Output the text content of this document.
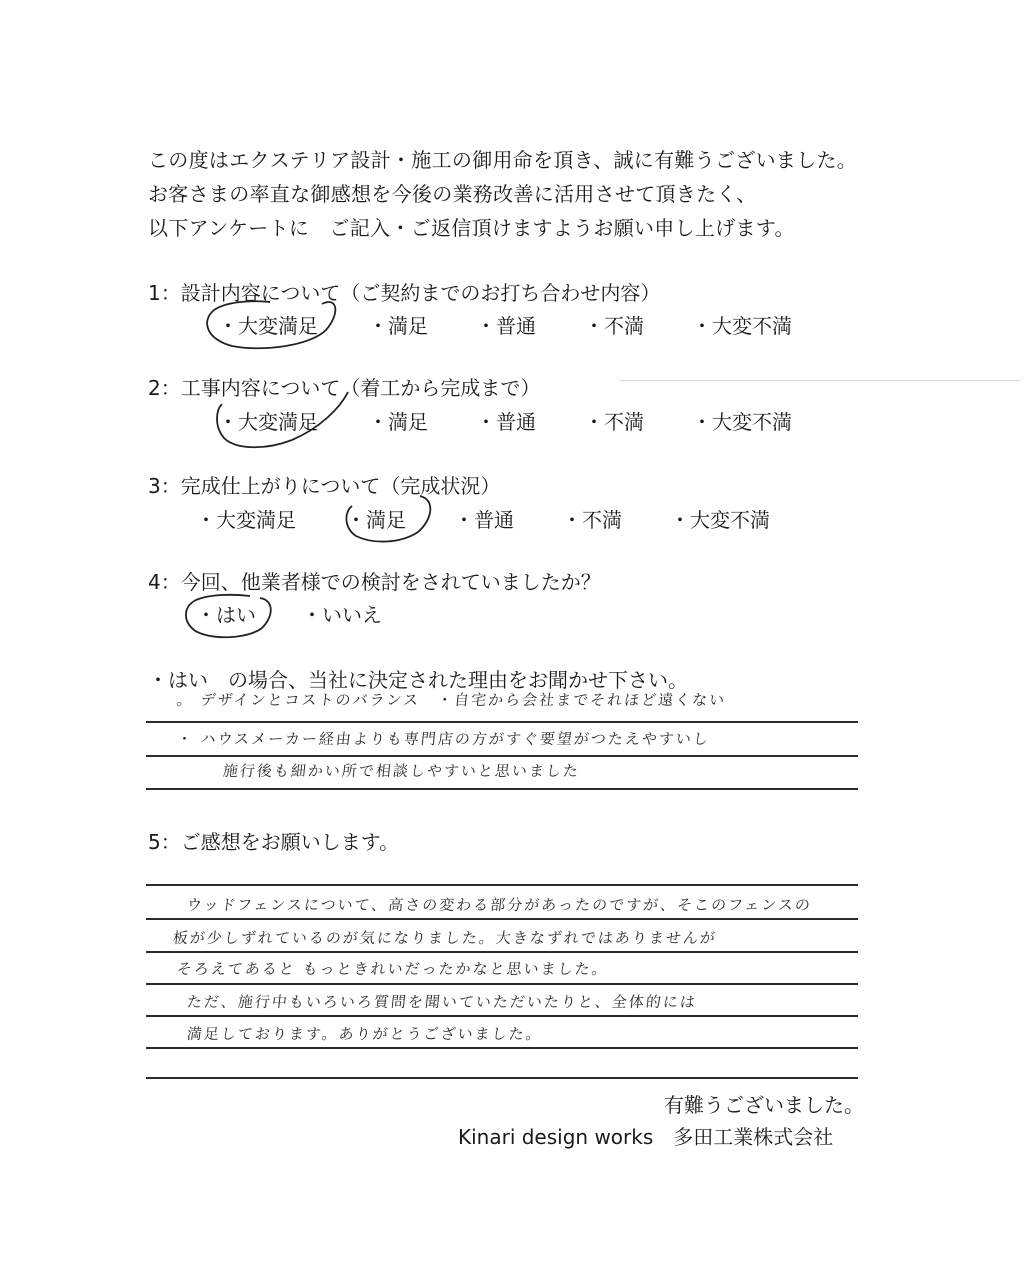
この度はエクステリア設計・施工の御用命を頂き、誠に有難うございました。
お客さまの率直な御感想を今後の業務改善に活用させて頂きたく、
以下アンケートに　ご記入・ご返信頂けますようお願い申し上げます。
1：設計内容について（ご契約までのお打ち合わせ内容）
・大変満足	・満足 ・普通 ・不満 ・大変不満
2：工事内容について（着工から完成まで）
・大変満足	・満足 ・普通 ・不満 ・大変不満
3：完成仕上がりについて（完成状況）
・大変満足	・満足 ・普通 ・不満 ・大変不満
4：今回、他業者様での検討をされていましたか？
・はい ・いいえ
・はい　の場合、当社に決定された理由をお聞かせ下さい。
。 デザインとコストのバランス　・自宅から会社までそれほど遠くない
・ ハウスメーカー経由よりも専門店の方がすぐ要望がつたえやすいし
施行後も細かい所で相談しやすいと思いました
5：ご感想をお願いします。
ウッドフェンスについて、高さの変わる部分があったのですが、そこのフェンスの
板が少しずれているのが気になりました。大きなずれではありませんが
そろえてあると もっときれいだったかなと思いました。
ただ、施行中もいろいろ質問を聞いていただいたりと、全体的には
満足しております。ありがとうございました。
有難うございました。
Kinari design works　多田工業株式会社
